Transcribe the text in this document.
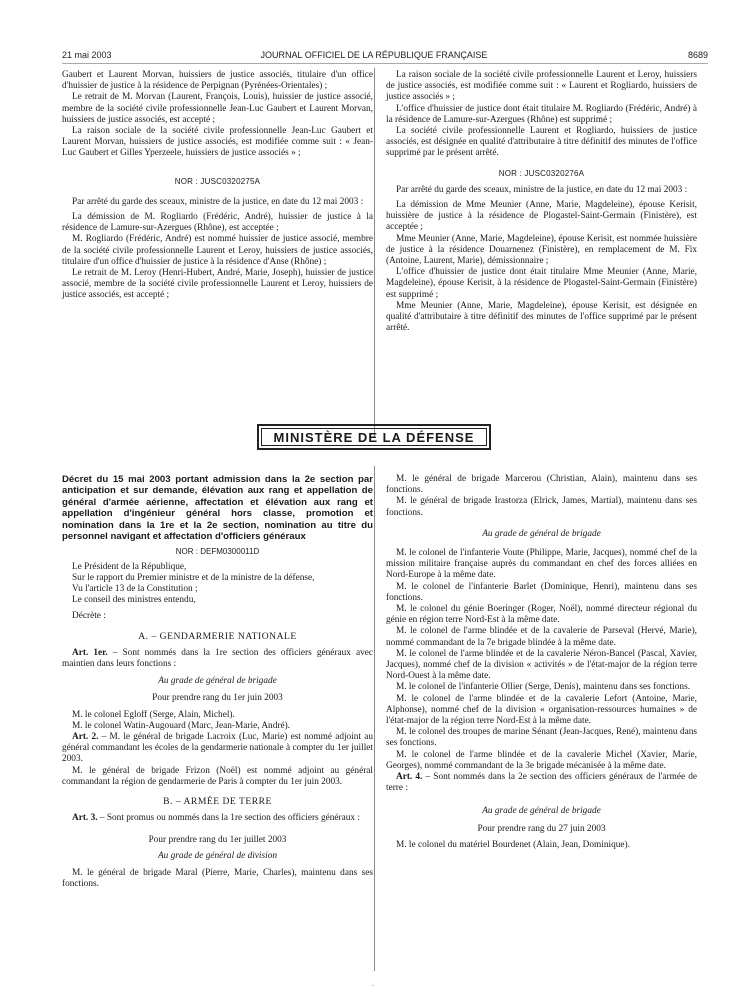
21 mai 2003	JOURNAL OFFICIEL DE LA RÉPUBLIQUE FRANÇAISE	8689

Gaubert et Laurent Morvan, huissiers de justice associés, titulaire d'un office d'huissier de justice à la résidence de Perpignan (Pyrénées-Orientales) ;

Le retrait de M. Morvan (Laurent, François, Louis), huissier de justice associé, membre de la société civile professionnelle Jean-Luc Gaubert et Laurent Morvan, huissiers de justice associés, est accepté ;

La raison sociale de la société civile professionnelle Jean-Luc Gaubert et Laurent Morvan, huissiers de justice associés, est modifiée comme suit : « Jean-Luc Gaubert et Gilles Yperzeele, huissiers de justice associés » ;

NOR : JUSC0320275A

Par arrêté du garde des sceaux, ministre de la justice, en date du 12 mai 2003 :

La démission de M. Rogliardo (Frédéric, André), huissier de justice à la résidence de Lamure-sur-Azergues (Rhône), est acceptée ;

M. Rogliardo (Frédéric, André) est nommé huissier de justice associé, membre de la société civile professionnelle Laurent et Leroy, huissiers de justice associés, titulaire d'un office d'huissier de justice à la résidence d'Anse (Rhône) ;

Le retrait de M. Leroy (Henri-Hubert, André, Marie, Joseph), huissier de justice associé, membre de la société civile professionnelle Laurent et Leroy, huissiers de justice associés, est accepté ;

La raison sociale de la société civile professionnelle Laurent et Leroy, huissiers de justice associés, est modifiée comme suit : « Laurent et Rogliardo, huissiers de justice associés » ;

L'office d'huissier de justice dont était titulaire M. Rogliardo (Frédéric, André) à la résidence de Lamure-sur-Azergues (Rhône) est supprimé ;

La société civile professionnelle Laurent et Rogliardo, huissiers de justice associés, est désignée en qualité d'attributaire à titre définitif des minutes de l'office supprimé par le présent arrêté.

NOR : JUSC0320276A

Par arrêté du garde des sceaux, ministre de la justice, en date du 12 mai 2003 :

La démission de Mme Meunier (Anne, Marie, Magdeleine), épouse Kerisit, huissière de justice à la résidence de Plogastel-Saint-Germain (Finistère), est acceptée ;

Mme Meunier (Anne, Marie, Magdeleine), épouse Kerisit, est nommée huissière de justice à la résidence Douarnenez (Finistère), en remplacement de M. Fix (Antoine, Laurent, Marie), démissionnaire ;

L'office d'huissier de justice dont était titulaire Mme Meunier (Anne, Marie, Magdeleine), épouse Kerisit, à la résidence de Plogastel-Saint-Germain (Finistère) est supprimé ;

Mme Meunier (Anne, Marie, Magdeleine), épouse Kerisit, est désignée en qualité d'attributaire à titre définitif des minutes de l'office supprimé par le présent arrêté.

MINISTÈRE DE LA DÉFENSE

Décret du 15 mai 2003 portant admission dans la 2e section par anticipation et sur demande, élévation aux rang et appellation de général d'armée aérienne, affectation et élévation aux rang et appellation d'ingénieur général hors classe, promotion et nomination dans la 1re et la 2e section, nomination au titre du personnel navigant et affectation d'officiers généraux

NOR : DEFM0300011D

Le Président de la République,

Sur le rapport du Premier ministre et de la ministre de la défense,

Vu l'article 13 de la Constitution ;

Le conseil des ministres entendu,

Décrète :

A. – GENDARMERIE NATIONALE

Art. 1er. – Sont nommés dans la 1re section des officiers généraux avec maintien dans leurs fonctions :

Au grade de général de brigade

Pour prendre rang du 1er juin 2003

M. le colonel Egloff (Serge, Alain, Michel).

M. le colonel Watin-Augouard (Marc, Jean-Marie, André).

Art. 2. – M. le général de brigade Lacroix (Luc, Marie) est nommé adjoint au général commandant les écoles de la gendarmerie nationale à compter du 1er juillet 2003.

M. le général de brigade Frizon (Noël) est nommé adjoint au général commandant la région de gendarmerie de Paris à compter du 1er juin 2003.

B. – ARMÉE DE TERRE

Art. 3. – Sont promus ou nommés dans la 1re section des officiers généraux :

Pour prendre rang du 1er juillet 2003

Au grade de général de division

M. le général de brigade Maral (Pierre, Marie, Charles), maintenu dans ses fonctions.

M. le général de brigade Marcerou (Christian, Alain), maintenu dans ses fonctions.

M. le général de brigade Irastorza (Elrick, James, Martial), maintenu dans ses fonctions.

Au grade de général de brigade

M. le colonel de l'infanterie Voute (Philippe, Marie, Jacques), nommé chef de la mission militaire française auprès du commandant en chef des forces alliées en Nord-Europe à la même date.

M. le colonel de l'infanterie Barlet (Dominique, Henri), maintenu dans ses fonctions.

M. le colonel du génie Boeringer (Roger, Noël), nommé directeur régional du génie en région terre Nord-Est à la même date.

M. le colonel de l'arme blindée et de la cavalerie de Parseval (Hervé, Marie), nommé commandant de la 7e brigade blindée à la même date.

M. le colonel de l'arme blindée et de la cavalerie Néron-Bancel (Pascal, Xavier, Jacques), nommé chef de la division « activités » de l'état-major de la région terre Nord-Ouest à la même date.

M. le colonel de l'infanterie Ollier (Serge, Denis), maintenu dans ses fonctions.

M. le colonel de l'arme blindée et de la cavalerie Lefort (Antoine, Marie, Alphonse), nommé chef de la division « organisation-ressources humaines » de l'état-major de la région terre Nord-Est à la même date.

M. le colonel des troupes de marine Sénant (Jean-Jacques, René), maintenu dans ses fonctions.

M. le colonel de l'arme blindée et de la cavalerie Michel (Xavier, Marie, Georges), nommé commandant de la 3e brigade mécanisée à la même date.

Art. 4. – Sont nommés dans la 2e section des officiers généraux de l'armée de terre :

Au grade de général de brigade

Pour prendre rang du 27 juin 2003

M. le colonel du matériel Bourdenet (Alain, Jean, Dominique).

.
